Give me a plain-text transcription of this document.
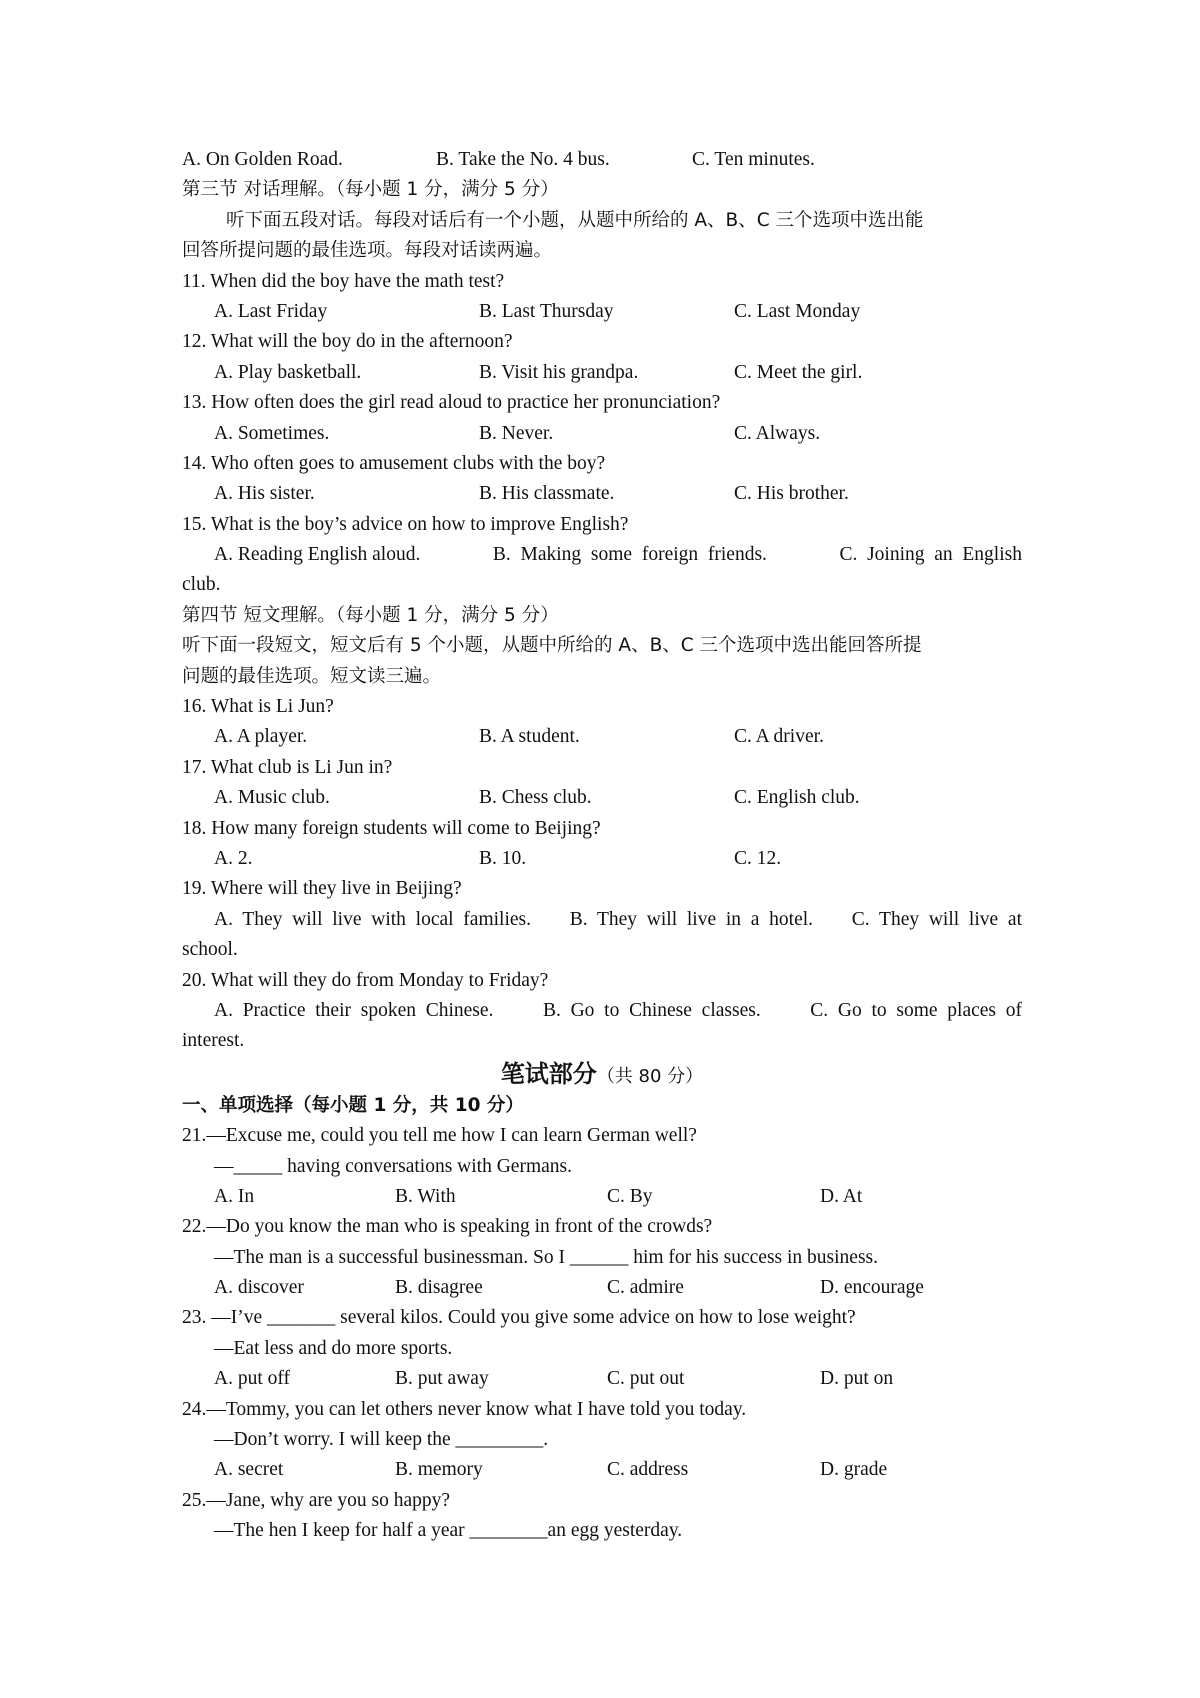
A. On Golden Road.	B. Take the No. 4 bus.	C. Ten minutes.
第三节 对话理解。（每小题 1 分，满分 5 分）
听下面五段对话。每段对话后有一个小题，从题中所给的 A、B、C 三个选项中选出能
回答所提问题的最佳选项。每段对话读两遍。
11. When did the boy have the math test?
A. Last Friday	B. Last Thursday	C. Last Monday
12. What will the boy do in the afternoon?
A. Play basketball.	B. Visit his grandpa.	C. Meet the girl.
13. How often does the girl read aloud to practice her pronunciation?
A. Sometimes.	B. Never.	C. Always.
14. Who often goes to amusement clubs with the boy?
A. His sister.	B. His classmate.	C. His brother.
15. What is the boy’s advice on how to improve English?
A. Reading English aloud.	B.  Making  some  foreign  friends.	C.  Joining  an  English
club.
第四节 短文理解。（每小题 1 分，满分 5 分）
听下面一段短文，短文后有 5 个小题，从题中所给的 A、B、C 三个选项中选出能回答所提
问题的最佳选项。短文读三遍。
16. What is Li Jun?
A. A player.	B. A student.	C. A driver.
17. What club is Li Jun in?
A. Music club.	B. Chess club.	C. English club.
18. How many foreign students will come to Beijing?
A. 2.	B. 10.	C. 12.
19. Where will they live in Beijing?
A.  They  will  live  with  local  families. B.  They  will  live  in  a  hotel. C.  They  will  live  at
school.
20. What will they do from Monday to Friday?
A.  Practice  their  spoken  Chinese.	B.  Go  to  Chinese  classes.	C.  Go  to  some  places  of
interest.
笔试部分（共 80 分）
一、单项选择（每小题 1 分，共 10 分）
21.—Excuse me, could you tell me how I can learn German well?
—_____ having conversations with Germans.
A. In	B. With	C. By	D. At
22.—Do you know the man who is speaking in front of the crowds?
—The man is a successful businessman. So I ______ him for his success in business.
A. discover	B. disagree	C. admire	D. encourage
23. —I’ve _______ several kilos. Could you give some advice on how to lose weight?
—Eat less and do more sports.
A. put off	B. put away	C. put out	D. put on
24.—Tommy, you can let others never know what I have told you today.
—Don’t worry. I will keep the _________.
A. secret	B. memory	C. address	D. grade
25.—Jane, why are you so happy?
—The hen I keep for half a year ________an egg yesterday.
